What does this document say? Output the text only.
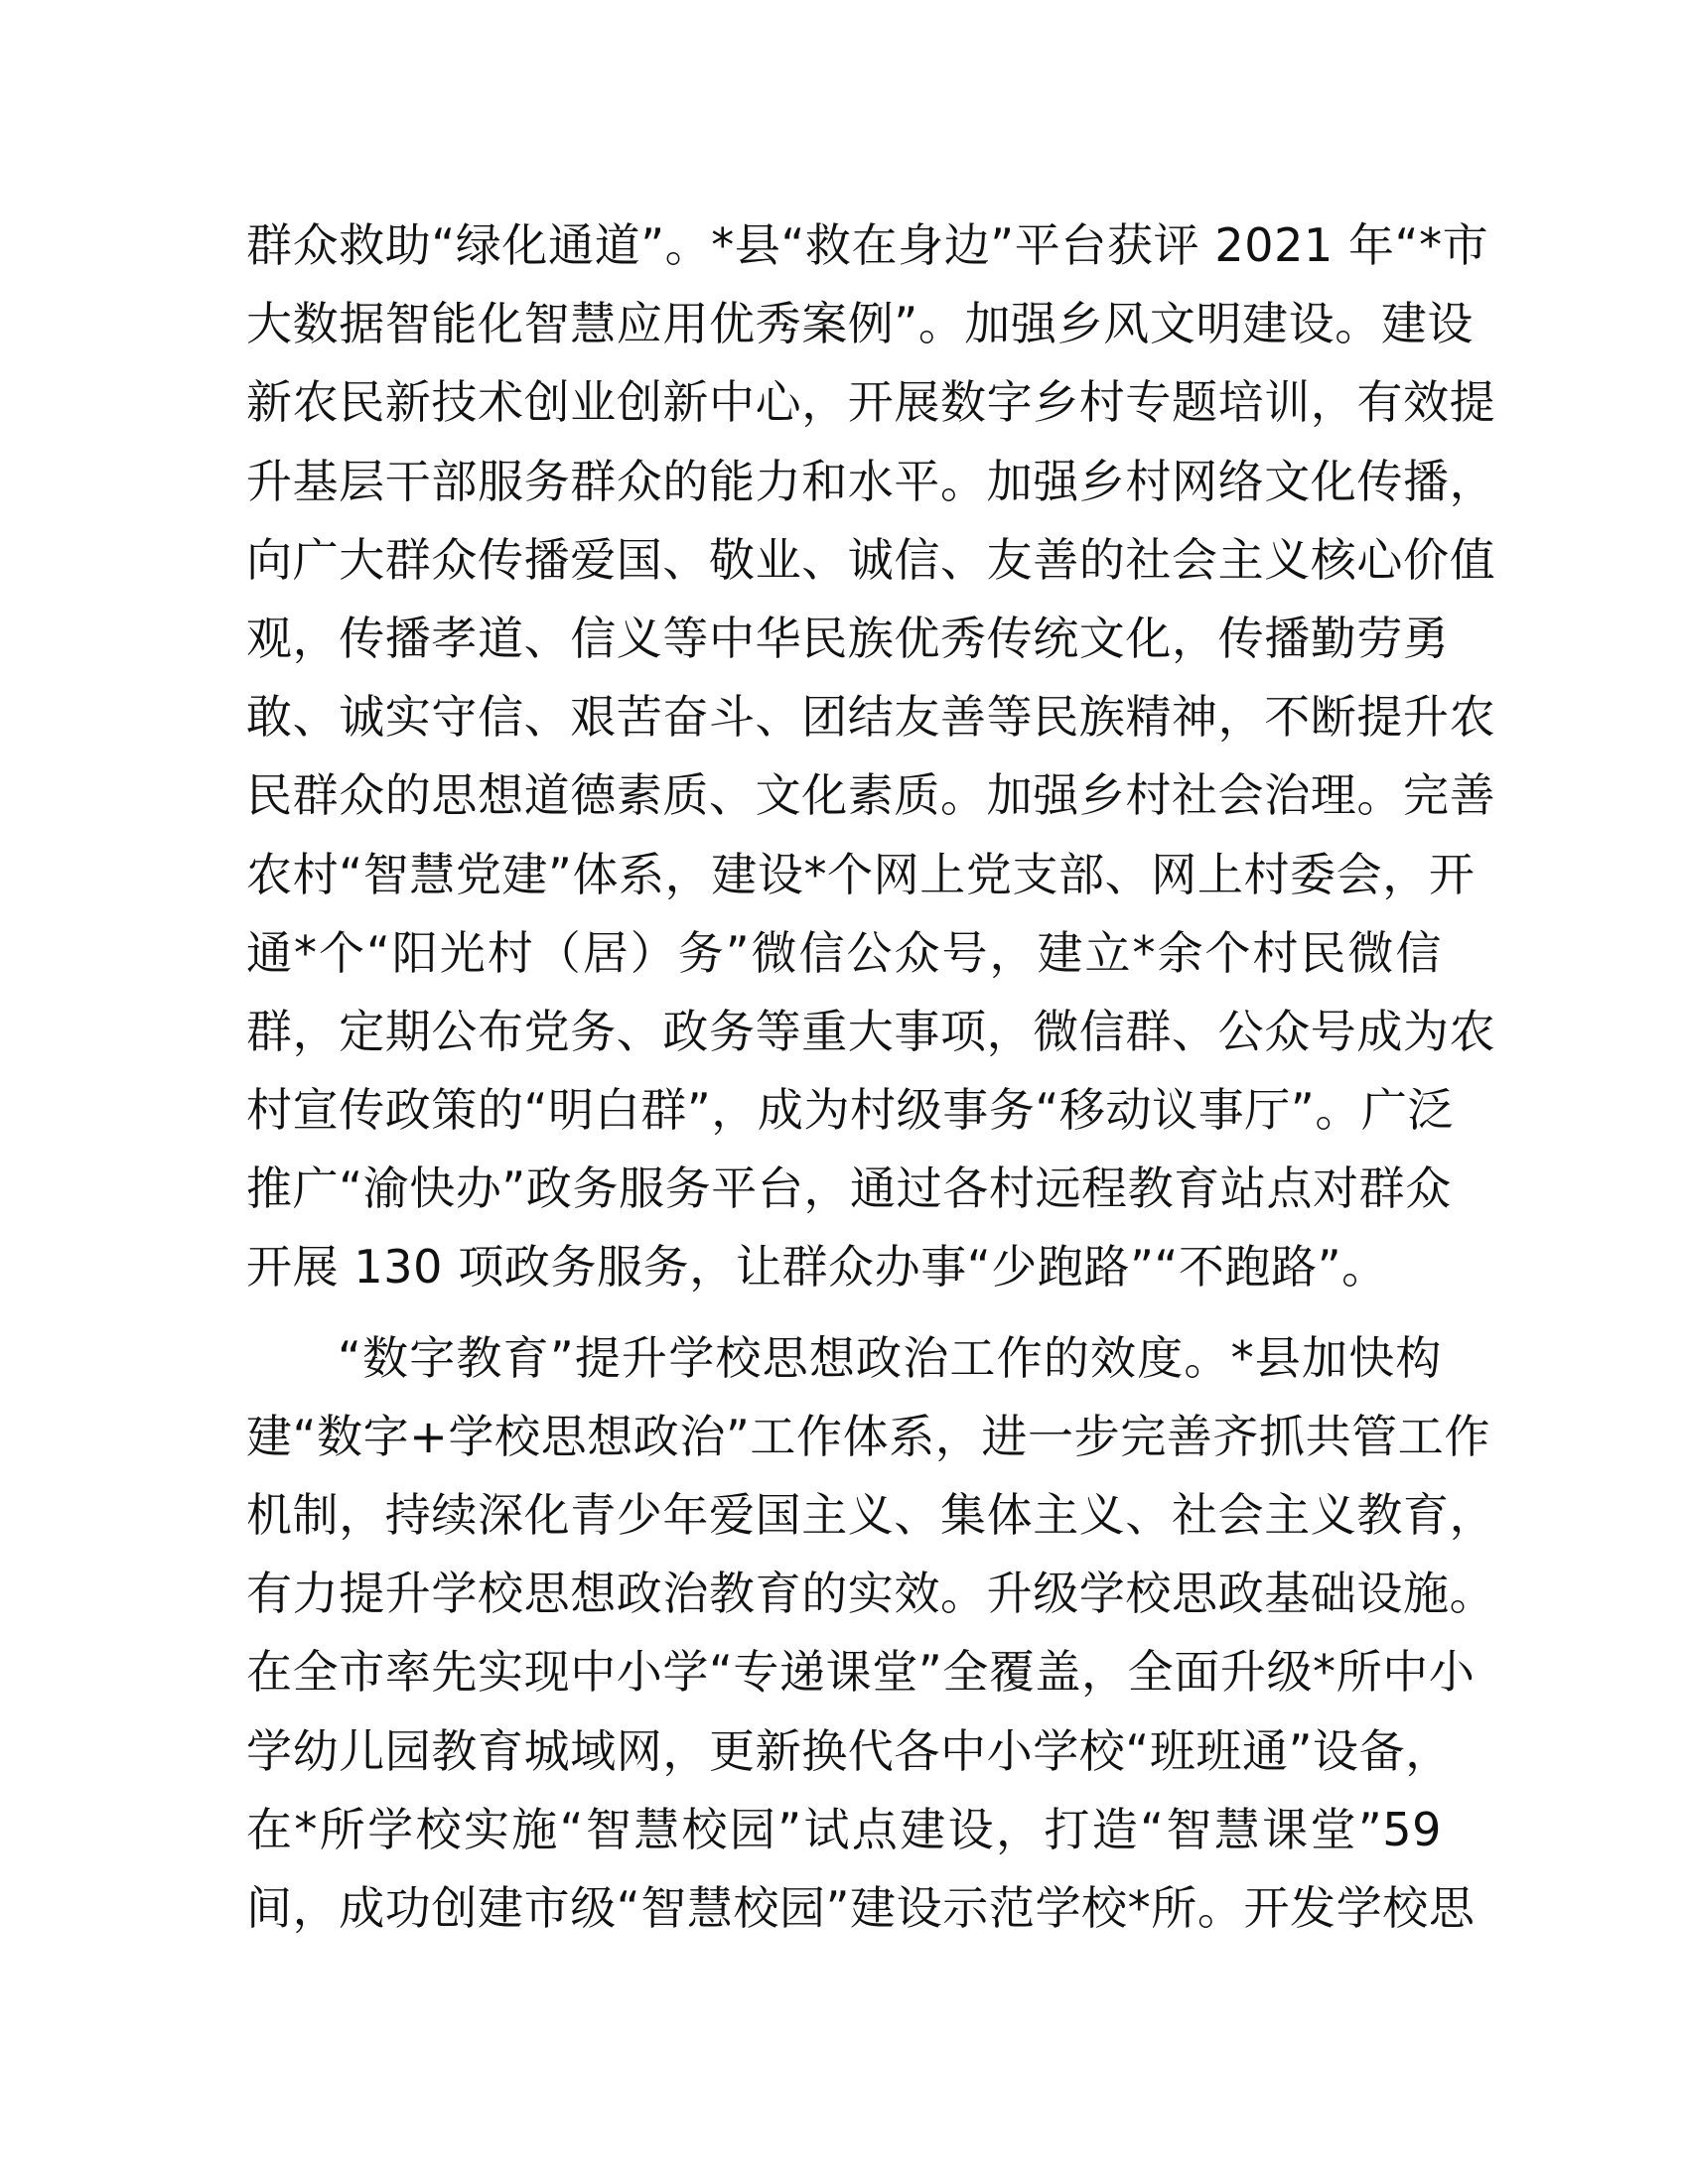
群众救助“绿化通道”。*县“救在身边”平台获评 2021 年“*市
大数据智能化智慧应用优秀案例”。加强乡风文明建设。建设
新农民新技术创业创新中心，开展数字乡村专题培训，有效提
升基层干部服务群众的能力和水平。加强乡村网络文化传播，
向广大群众传播爱国、敬业、诚信、友善的社会主义核心价值
观，传播孝道、信义等中华民族优秀传统文化，传播勤劳勇
敢、诚实守信、艰苦奋斗、团结友善等民族精神，不断提升农
民群众的思想道德素质、文化素质。加强乡村社会治理。完善
农村“智慧党建”体系，建设*个网上党支部、网上村委会，开
通*个“阳光村（居）务”微信公众号，建立*余个村民微信
群，定期公布党务、政务等重大事项，微信群、公众号成为农
村宣传政策的“明白群”，成为村级事务“移动议事厅”。广泛
推广“渝快办”政务服务平台，通过各村远程教育站点对群众
开展 130 项政务服务，让群众办事“少跑路”“不跑路”。
“数字教育”提升学校思想政治工作的效度。*县加快构
建“数字+学校思想政治”工作体系，进一步完善齐抓共管工作
机制，持续深化青少年爱国主义、集体主义、社会主义教育，
有力提升学校思想政治教育的实效。升级学校思政基础设施。
在全市率先实现中小学“专递课堂”全覆盖，全面升级*所中小
学幼儿园教育城域网，更新换代各中小学校“班班通”设备，
在*所学校实施“智慧校园”试点建设，打造“智慧课堂”59
间，成功创建市级“智慧校园”建设示范学校*所。开发学校思
